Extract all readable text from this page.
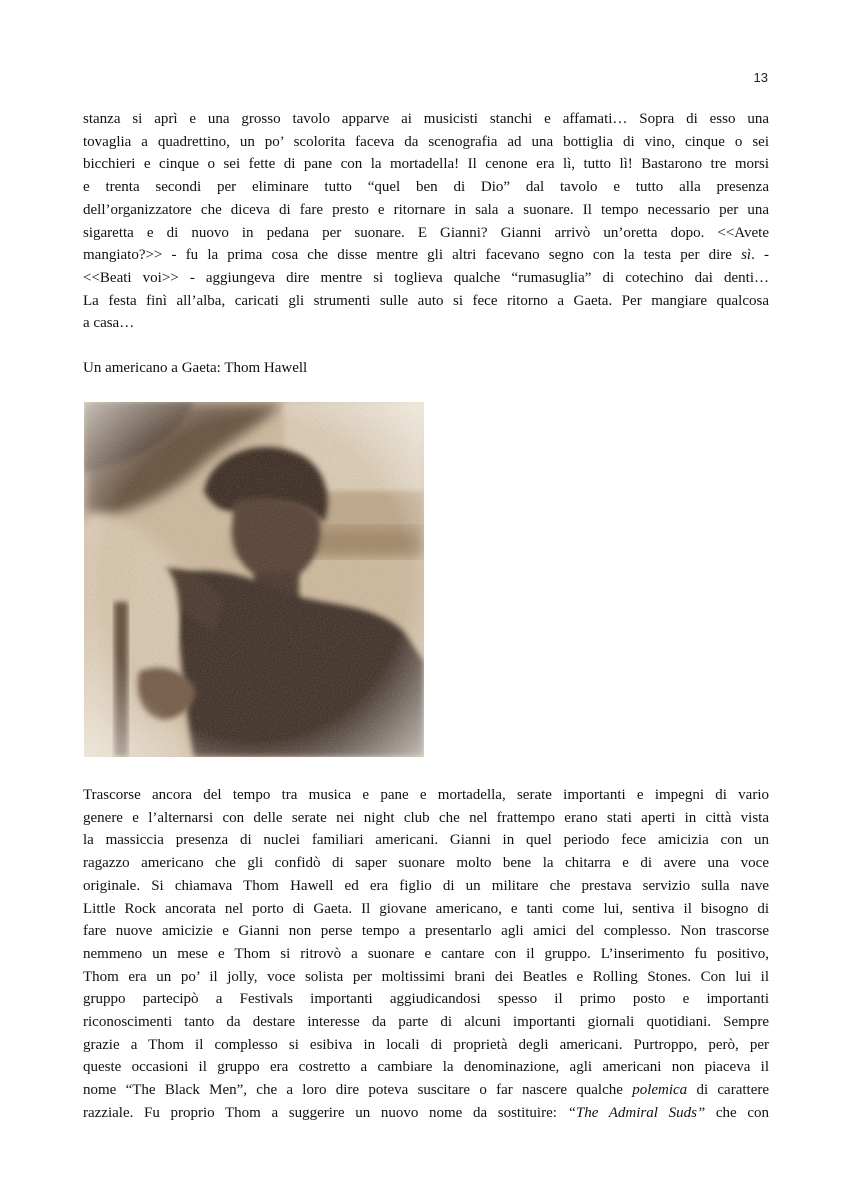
13
stanza si aprì e una grosso tavolo apparve ai musicisti stanchi e affamati… Sopra di esso una
tovaglia a quadrettino, un po’ scolorita faceva da scenografia ad una bottiglia di vino, cinque o sei
bicchieri e cinque o sei fette di pane con la mortadella! Il cenone era lì, tutto lì! Bastarono tre morsi
e trenta secondi per eliminare tutto “quel ben di Dio” dal tavolo e tutto alla presenza
dell’organizzatore che diceva di fare presto e ritornare in sala a suonare. Il tempo necessario per una
sigaretta e di nuovo in pedana per suonare. E Gianni? Gianni arrivò un’oretta dopo. <<Avete
mangiato?>> - fu la prima cosa che disse mentre gli altri facevano segno con la testa per dire sì. -
<<Beati voi>> - aggiungeva dire mentre si toglieva qualche “rumasuglia” di cotechino dai denti…
La festa finì all’alba, caricati gli strumenti sulle auto si fece ritorno a Gaeta. Per mangiare qualcosa
a casa…
Un americano a Gaeta: Thom Hawell
Trascorse ancora del tempo tra musica e pane e mortadella, serate importanti e impegni di vario
genere e l’alternarsi con delle serate nei night club che nel frattempo erano stati aperti in città vista
la massiccia presenza di nuclei familiari americani. Gianni in quel periodo fece amicizia con un
ragazzo americano che gli confidò di saper suonare molto bene la chitarra e di avere una voce
originale. Si chiamava Thom Hawell ed era figlio di un militare che prestava servizio sulla nave
Little Rock ancorata nel porto di Gaeta. Il giovane americano, e tanti come lui, sentiva il bisogno di
fare nuove amicizie e Gianni non perse tempo a presentarlo agli amici del complesso. Non trascorse
nemmeno un mese e Thom si ritrovò a suonare e cantare con il gruppo. L’inserimento fu positivo,
Thom era un po’ il jolly, voce solista per moltissimi brani dei Beatles e Rolling Stones. Con lui il
gruppo partecipò a Festivals importanti aggiudicandosi spesso il primo posto e importanti
riconoscimenti tanto da destare interesse da parte di alcuni importanti giornali quotidiani. Sempre
grazie a Thom il complesso si esibiva in locali di proprietà degli americani. Purtroppo, però, per
queste occasioni il gruppo era costretto a cambiare la denominazione, agli americani non piaceva il
nome “The Black Men”, che a loro dire poteva suscitare o far nascere qualche polemica di carattere
razziale. Fu proprio Thom a suggerire un nuovo nome da sostituire: “The Admiral Suds” che con
